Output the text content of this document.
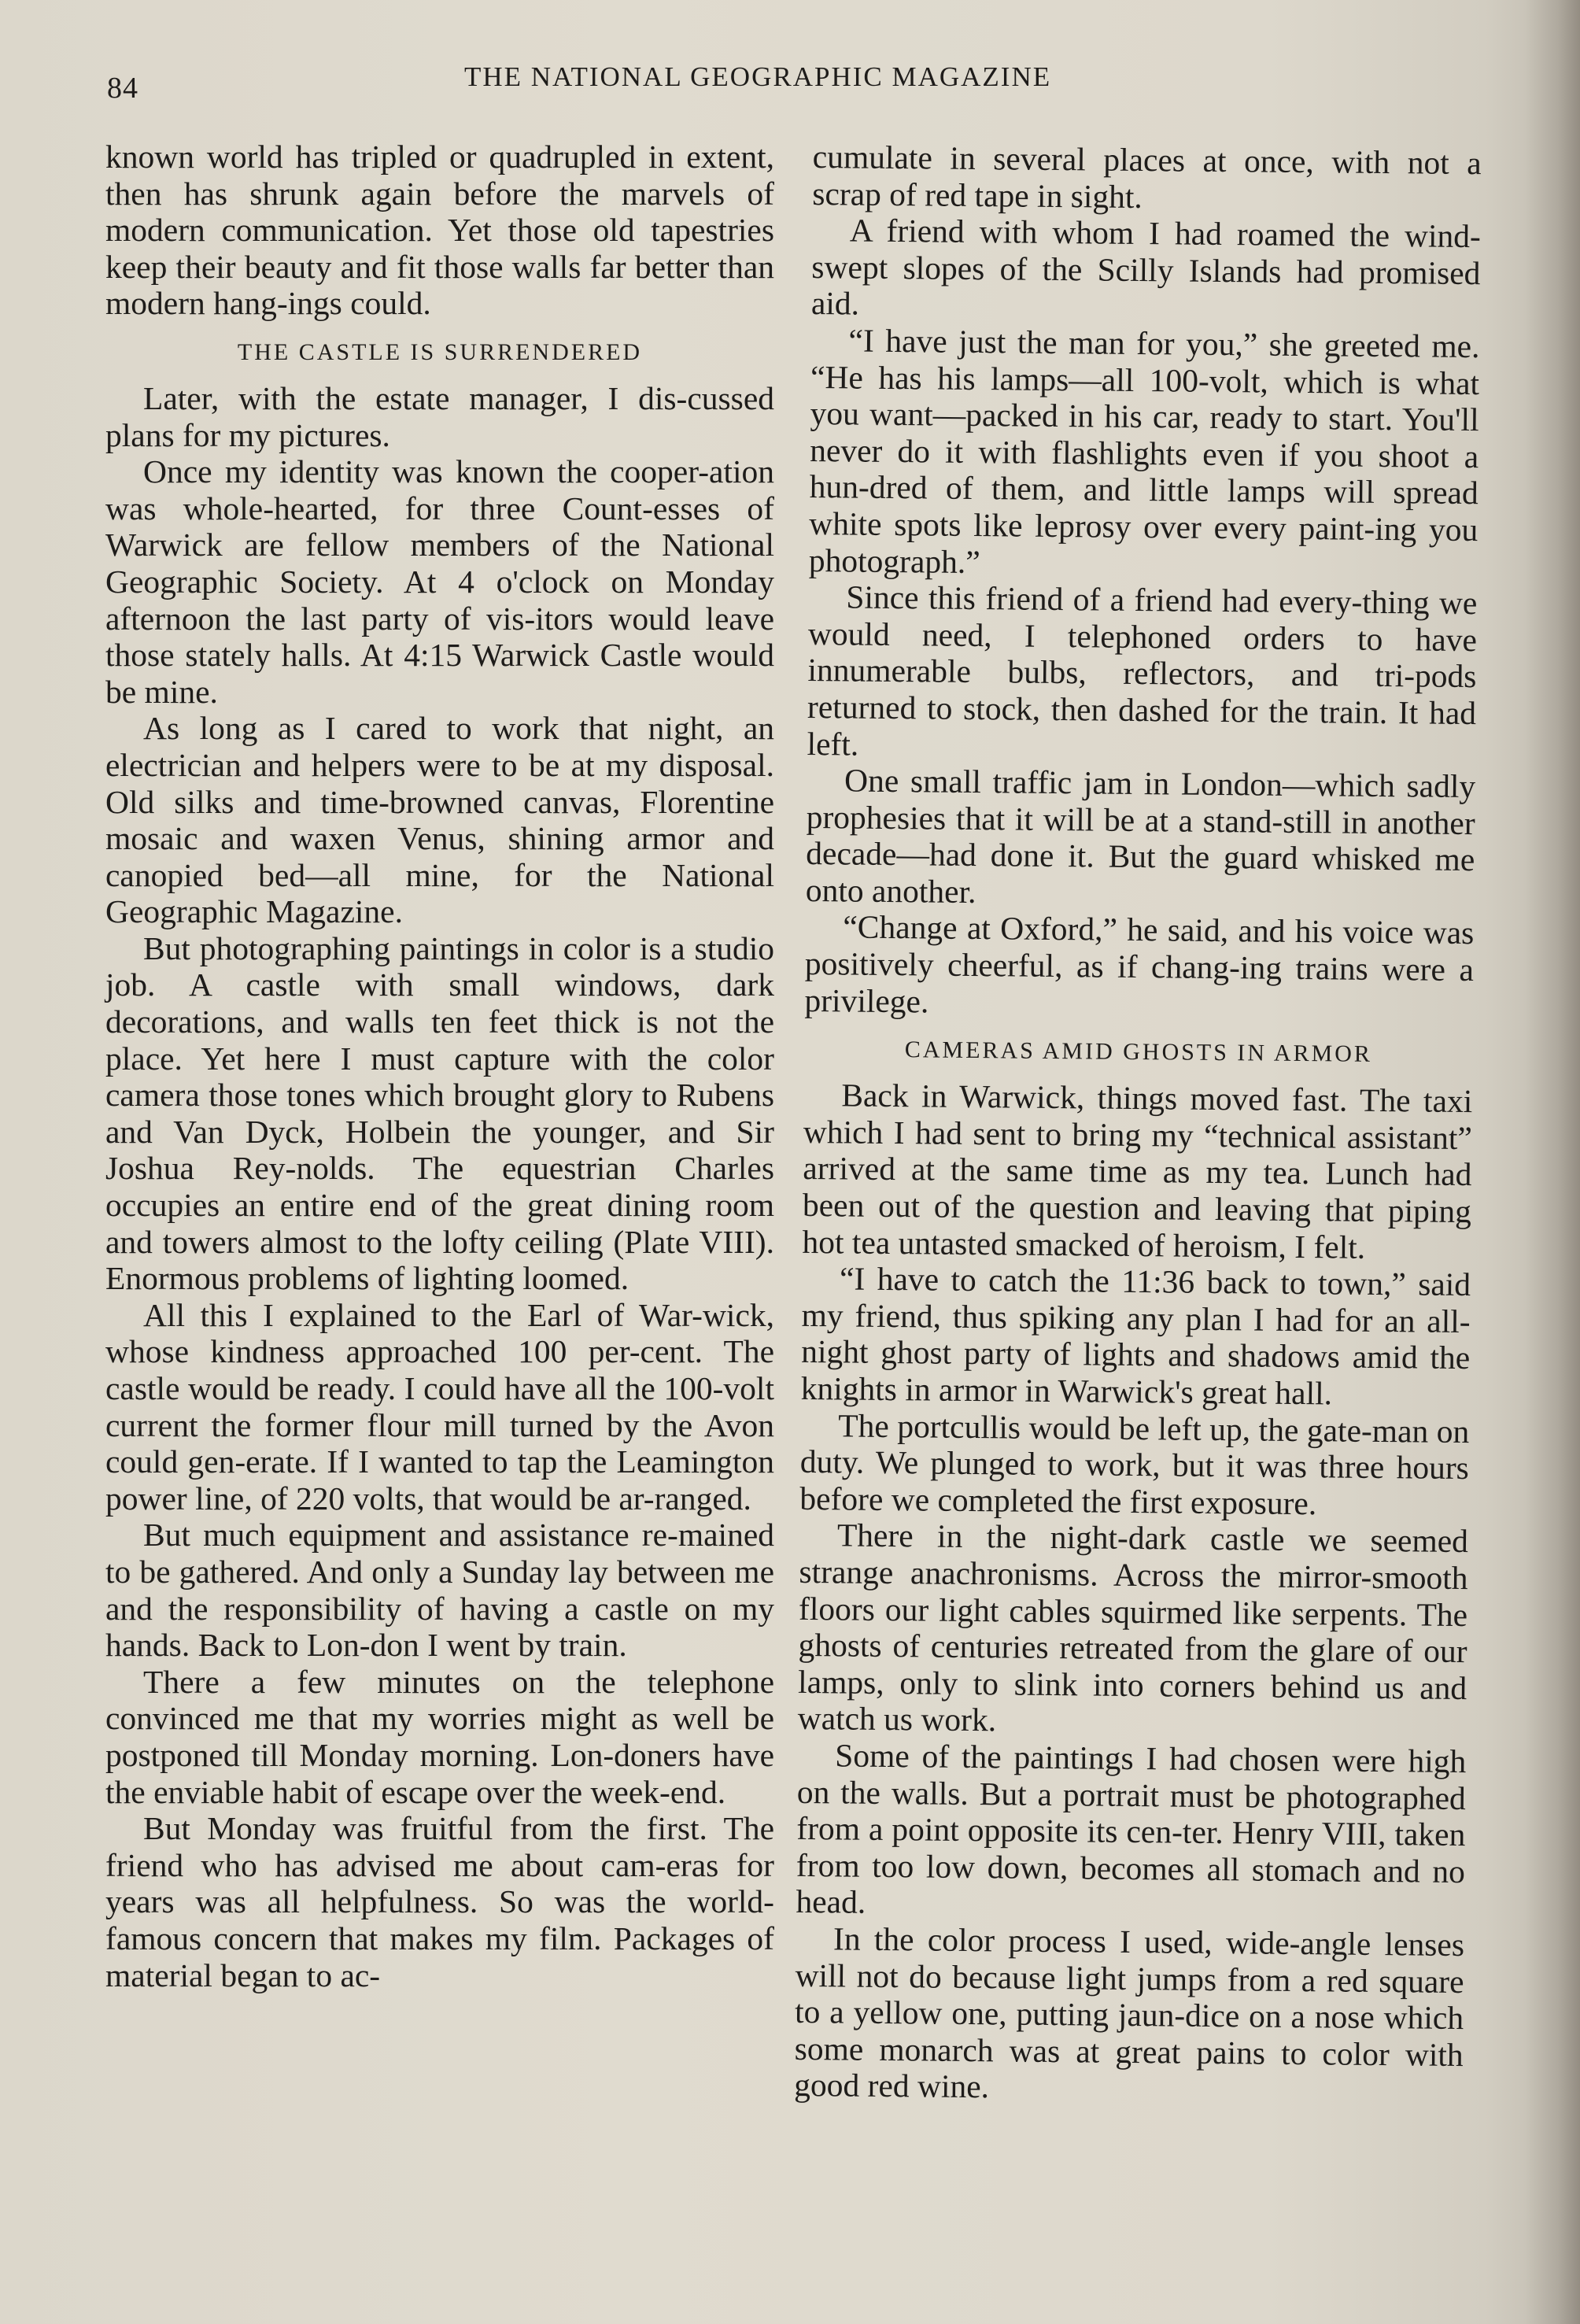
84	THE NATIONAL GEOGRAPHIC MAGAZINE

known world has tripled or quadrupled in extent, then has shrunk again before the marvels of modern communication. Yet those old tapestries keep their beauty and fit those walls far better than modern hang-ings could.

THE CASTLE IS SURRENDERED

Later, with the estate manager, I dis-cussed plans for my pictures.

Once my identity was known the cooper-ation was whole-hearted, for three Count-esses of Warwick are fellow members of the National Geographic Society. At 4 o'clock on Monday afternoon the last party of vis-itors would leave those stately halls. At 4:15 Warwick Castle would be mine.

As long as I cared to work that night, an electrician and helpers were to be at my disposal. Old silks and time-browned canvas, Florentine mosaic and waxen Venus, shining armor and canopied bed—all mine, for the National Geographic Magazine.

But photographing paintings in color is a studio job. A castle with small windows, dark decorations, and walls ten feet thick is not the place. Yet here I must capture with the color camera those tones which brought glory to Rubens and Van Dyck, Holbein the younger, and Sir Joshua Rey-nolds. The equestrian Charles occupies an entire end of the great dining room and towers almost to the lofty ceiling (Plate VIII). Enormous problems of lighting loomed.

All this I explained to the Earl of War-wick, whose kindness approached 100 per-cent. The castle would be ready. I could have all the 100-volt current the former flour mill turned by the Avon could gen-erate. If I wanted to tap the Leamington power line, of 220 volts, that would be ar-ranged.

But much equipment and assistance re-mained to be gathered. And only a Sunday lay between me and the responsibility of having a castle on my hands. Back to Lon-don I went by train.

There a few minutes on the telephone convinced me that my worries might as well be postponed till Monday morning. Lon-doners have the enviable habit of escape over the week-end.

But Monday was fruitful from the first. The friend who has advised me about cam-eras for years was all helpfulness. So was the world-famous concern that makes my film. Packages of material began to ac-

cumulate in several places at once, with not a scrap of red tape in sight.

A friend with whom I had roamed the wind-swept slopes of the Scilly Islands had promised aid.

“I have just the man for you,” she greeted me. “He has his lamps—all 100-volt, which is what you want—packed in his car, ready to start. You'll never do it with flashlights even if you shoot a hun-dred of them, and little lamps will spread white spots like leprosy over every paint-ing you photograph.”

Since this friend of a friend had every-thing we would need, I telephoned orders to have innumerable bulbs, reflectors, and tri-pods returned to stock, then dashed for the train. It had left.

One small traffic jam in London—which sadly prophesies that it will be at a stand-still in another decade—had done it. But the guard whisked me onto another.

“Change at Oxford,” he said, and his voice was positively cheerful, as if chang-ing trains were a privilege.

CAMERAS AMID GHOSTS IN ARMOR

Back in Warwick, things moved fast. The taxi which I had sent to bring my “technical assistant” arrived at the same time as my tea. Lunch had been out of the question and leaving that piping hot tea untasted smacked of heroism, I felt.

“I have to catch the 11:36 back to town,” said my friend, thus spiking any plan I had for an all-night ghost party of lights and shadows amid the knights in armor in Warwick's great hall.

The portcullis would be left up, the gate-man on duty. We plunged to work, but it was three hours before we completed the first exposure.

There in the night-dark castle we seemed strange anachronisms. Across the mirror-smooth floors our light cables squirmed like serpents. The ghosts of centuries retreated from the glare of our lamps, only to slink into corners behind us and watch us work.

Some of the paintings I had chosen were high on the walls. But a portrait must be photographed from a point opposite its cen-ter. Henry VIII, taken from too low down, becomes all stomach and no head.

In the color process I used, wide-angle lenses will not do because light jumps from a red square to a yellow one, putting jaun-dice on a nose which some monarch was at great pains to color with good red wine.
